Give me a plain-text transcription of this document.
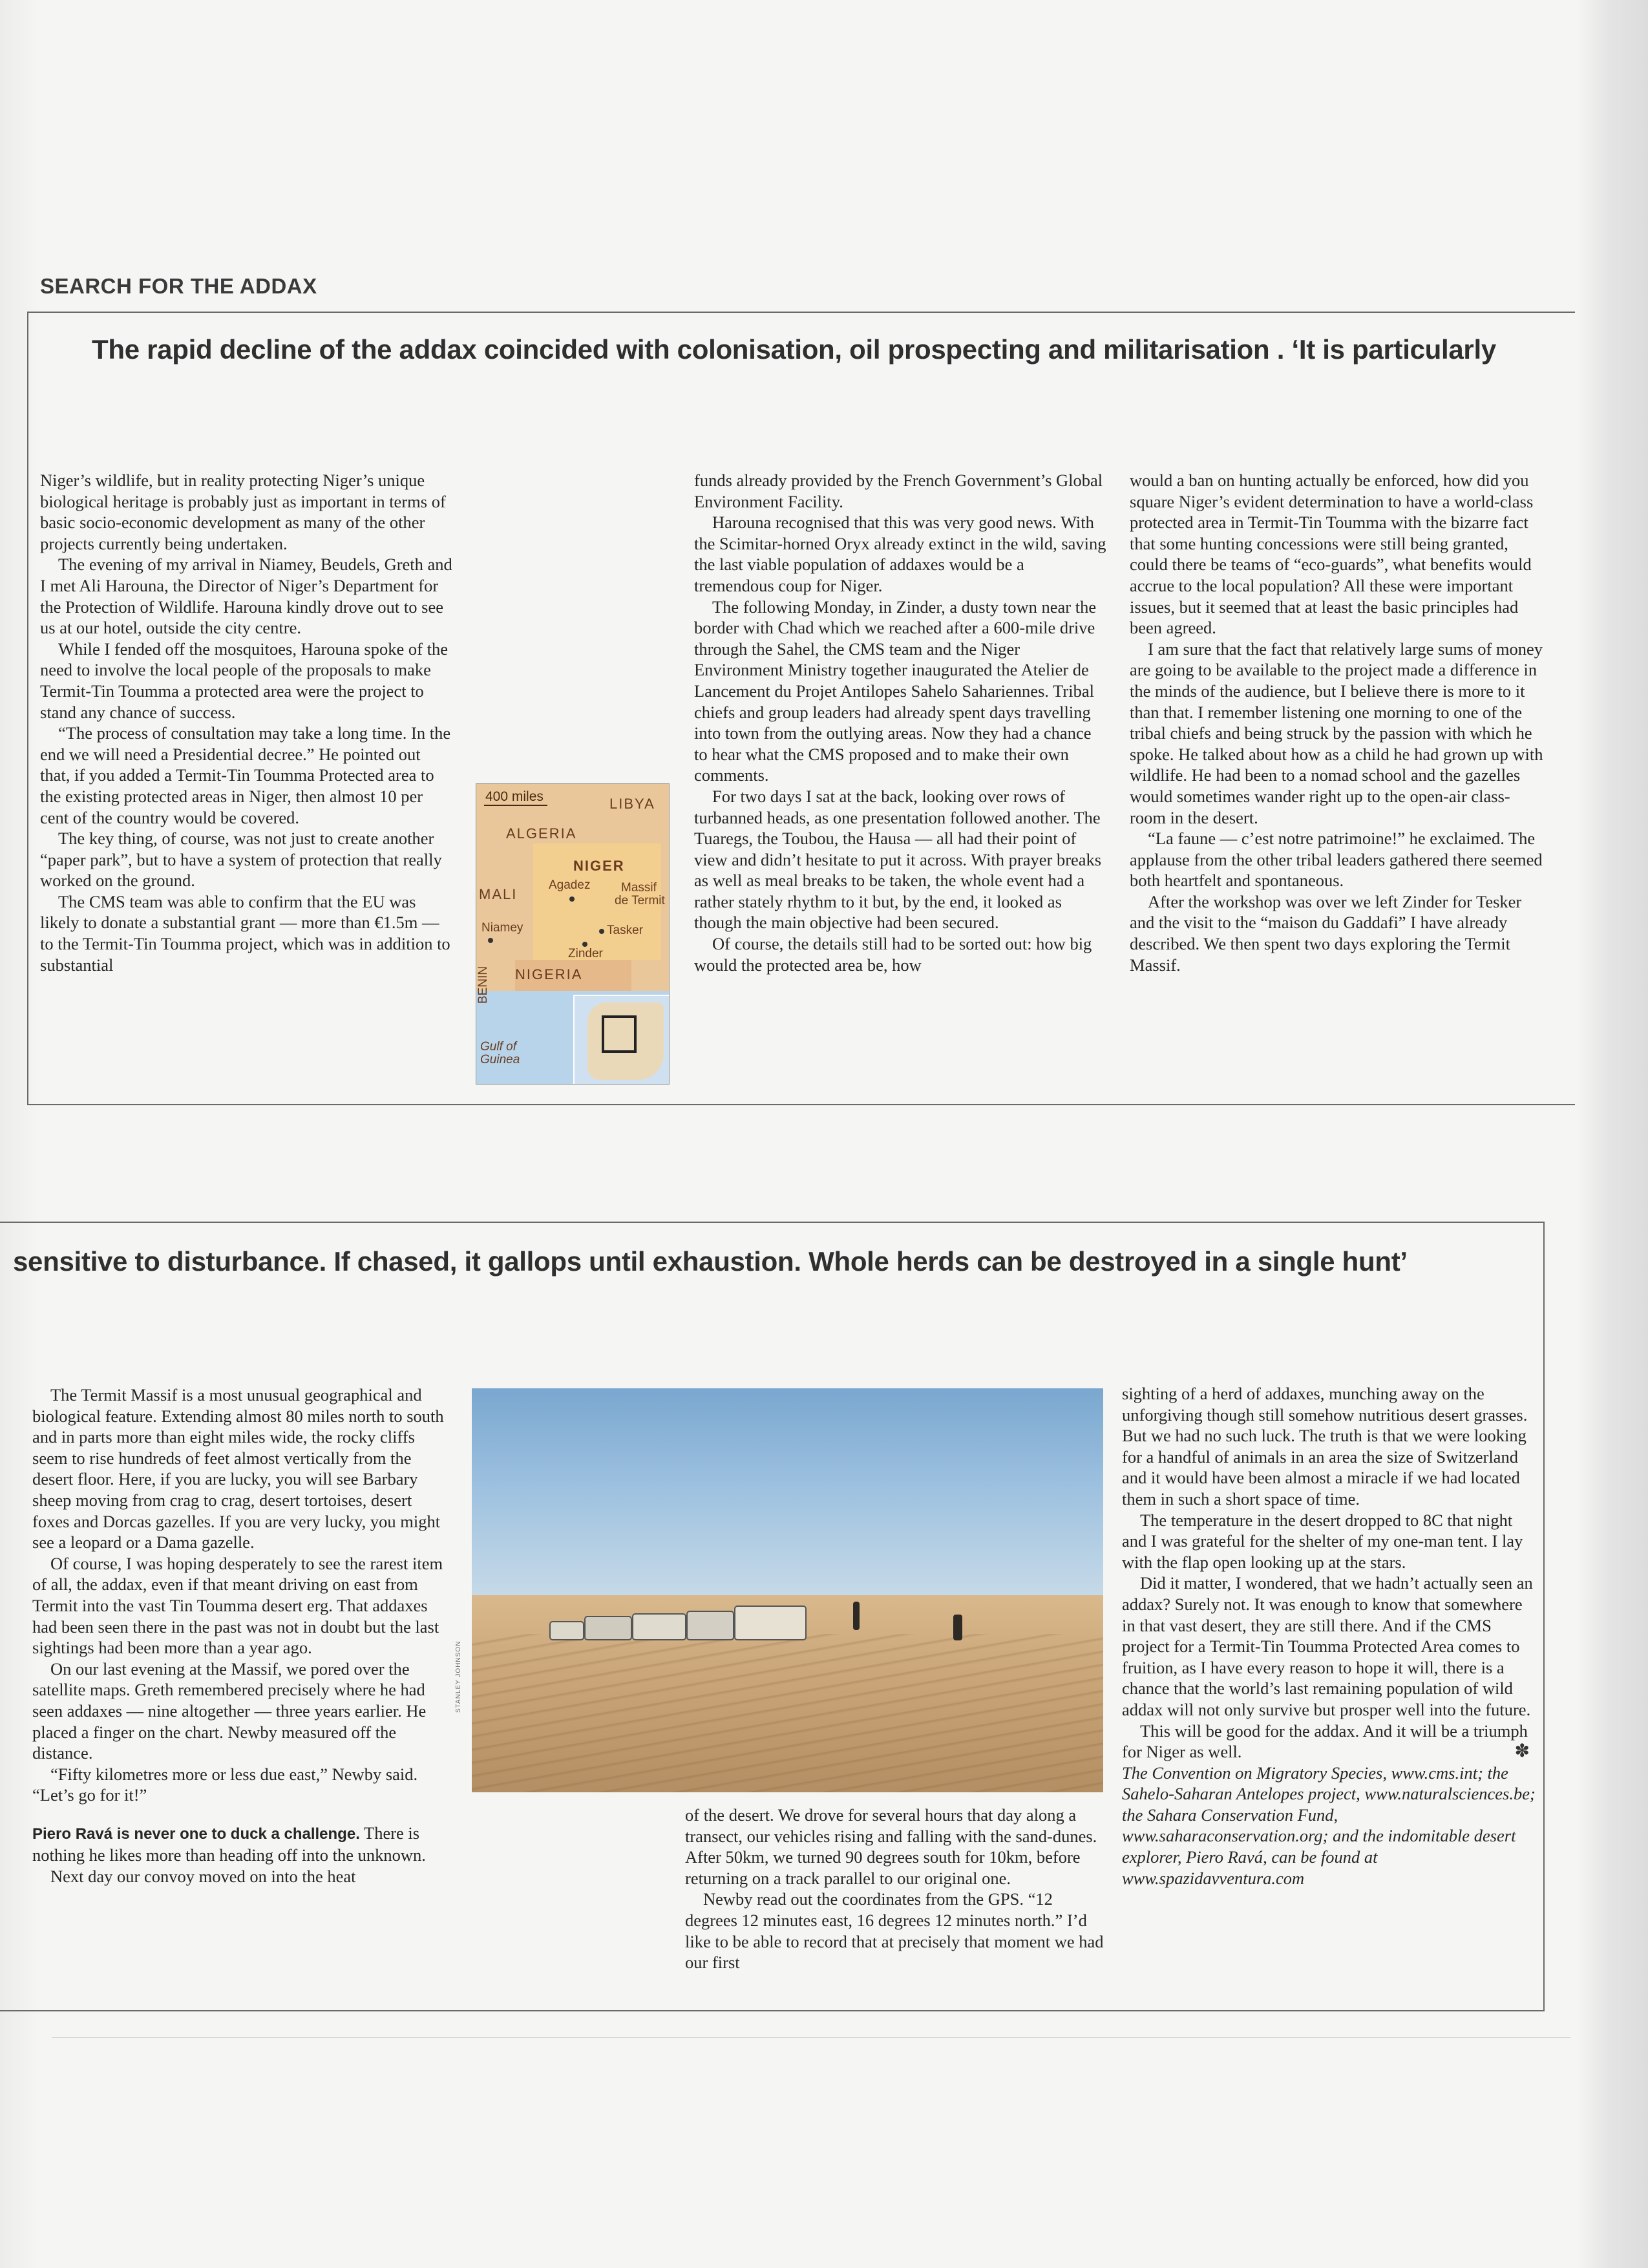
SEARCH FOR THE ADDAX
The rapid decline of the addax coincided with colonisation, oil prospecting and militarisation . ‘It is particularly
sensitive to disturbance. If chased, it gallops until exhaustion. Whole herds can be destroyed in a single hunt’

Niger’s wildlife, but in reality protecting Niger’s unique biological heritage is probably just as important in terms of basic socio-economic development as many of the other projects currently being undertaken.

The evening of my arrival in Niamey, Beudels, Greth and I met Ali Harouna, the Director of Niger’s Department for the Protection of Wildlife. Harouna kindly drove out to see us at our hotel, outside the city centre.

While I fended off the mosquitoes, Harouna spoke of the need to involve the local people of the proposals to make Termit-Tin Toumma a protected area were the project to stand any chance of success.

“The process of consultation may take a long time. In the end we will need a Presidential decree.” He pointed out that, if you added a Termit-Tin Toumma Protected area to the existing protected areas in Niger, then almost 10 per cent of the country would be covered.

The key thing, of course, was not just to create another “paper park”, but to have a system of protection that really worked on the ground.

The CMS team was able to confirm that the EU was likely to donate a substantial grant — more than €1.5m — to the Termit-Tin Toumma project, which was in addition to substantial

400 miles	LIBYA
ALGERIA
NIGER
MALI
Agadez	Massif
de Termit
Niamey	Tasker
Zinder
NIGERIA
BENIN
Gulf of
Guinea

funds already provided by the French Government’s Global Environment Facility.

Harouna recognised that this was very good news. With the Scimitar-horned Oryx already extinct in the wild, saving the last viable population of addaxes would be a tremendous coup for Niger.

The following Monday, in Zinder, a dusty town near the border with Chad which we reached after a 600-mile drive through the Sahel, the CMS team and the Niger Environment Ministry together inaugurated the Atelier de Lancement du Projet Antilopes Sahelo Sahariennes. Tribal chiefs and group leaders had already spent days travelling into town from the outlying areas. Now they had a chance to hear what the CMS proposed and to make their own comments.

For two days I sat at the back, looking over rows of turbanned heads, as one presentation followed another. The Tuaregs, the Toubou, the Hausa — all had their point of view and didn’t hesitate to put it across. With prayer breaks as well as meal breaks to be taken, the whole event had a rather stately rhythm to it but, by the end, it looked as though the main objective had been secured.

Of course, the details still had to be sorted out: how big would the protected area be, how

would a ban on hunting actually be enforced, how did you square Niger’s evident determination to have a world-class protected area in Termit-Tin Toumma with the bizarre fact that some hunting concessions were still being granted, could there be teams of “eco-guards”, what benefits would accrue to the local population? All these were important issues, but it seemed that at least the basic principles had been agreed.

I am sure that the fact that relatively large sums of money are going to be available to the project made a difference in the minds of the audience, but I believe there is more to it than that. I remember listening one morning to one of the tribal chiefs and being struck by the passion with which he spoke. He talked about how as a child he had grown up with wildlife. He had been to a nomad school and the gazelles would sometimes wander right up to the open-air class-room in the desert.

“La faune — c’est notre patrimoine!” he exclaimed. The applause from the other tribal leaders gathered there seemed both heartfelt and spontaneous.

After the workshop was over we left Zinder for Tesker and the visit to the “maison du Gaddafi” I have already described. We then spent two days exploring the Termit Massif.

The Termit Massif is a most unusual geographical and biological feature. Extending almost 80 miles north to south and in parts more than eight miles wide, the rocky cliffs seem to rise hundreds of feet almost vertically from the desert floor. Here, if you are lucky, you will see Barbary sheep moving from crag to crag, desert tortoises, desert foxes and Dorcas gazelles. If you are very lucky, you might see a leopard or a Dama gazelle.

Of course, I was hoping desperately to see the rarest item of all, the addax, even if that meant driving on east from Termit into the vast Tin Toumma desert erg. That addaxes had been seen there in the past was not in doubt but the last sightings had been more than a year ago.

On our last evening at the Massif, we pored over the satellite maps. Greth remembered precisely where he had seen addaxes — nine altogether — three years earlier. He placed a finger on the chart. Newby measured off the distance.

“Fifty kilometres more or less due east,” Newby said. “Let’s go for it!”

Piero Ravá is never one to duck a challenge. There is nothing he likes more than heading off into the unknown.

Next day our convoy moved on into the heat

STANLEY JOHNSON

of the desert. We drove for several hours that day along a transect, our vehicles rising and falling with the sand-dunes. After 50km, we turned 90 degrees south for 10km, before returning on a track parallel to our original one.

Newby read out the coordinates from the GPS. “12 degrees 12 minutes east, 16 degrees 12 minutes north.” I’d like to be able to record that at precisely that moment we had our first

sighting of a herd of addaxes, munching away on the unforgiving though still somehow nutritious desert grasses. But we had no such luck. The truth is that we were looking for a handful of animals in an area the size of Switzerland and it would have been almost a miracle if we had located them in such a short space of time.

The temperature in the desert dropped to 8C that night and I was grateful for the shelter of my one-man tent. I lay with the flap open looking up at the stars.

Did it matter, I wondered, that we hadn’t actually seen an addax? Surely not. It was enough to know that somewhere in that vast desert, they are still there. And if the CMS project for a Termit-Tin Toumma Protected Area comes to fruition, as I have every reason to hope it will, there is a chance that the world’s last remaining population of wild addax will not only survive but prosper well into the future.

This will be good for the addax. And it will be a triumph for Niger as well.	✽

The Convention on Migratory Species, www.cms.int; the Sahelo-Saharan Antelopes project, www.naturalsciences.be; the Sahara Conservation Fund, www.saharaconservation.org; and the indomitable desert explorer, Piero Ravá, can be found at www.spazidavventura.com
